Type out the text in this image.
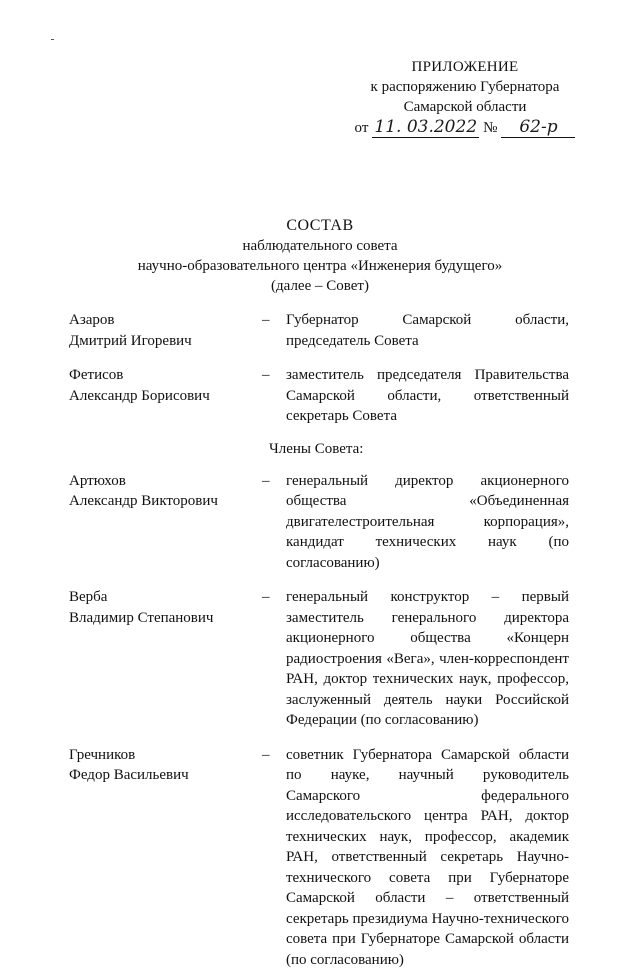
ПРИЛОЖЕНИЕ
к распоряжению Губернатора
Самарской области
от 11. 03.2022 №	62-р
СОСТАВ
наблюдательного совета
научно-образовательного центра «Инженерия будущего»
(далее – Совет)
Азаров
Дмитрий Игоревич
–	Губернатор Самарской области, председатель Совета
Фетисов
Александр Борисович
–	заместитель председателя Правительства Самарской области, ответственный секретарь Совета
Члены Совета:
Артюхов
Александр Викторович
–	генеральный директор акционерного общества «Объединенная двигателестроительная корпорация», кандидат технических наук (по согласованию)
Верба
Владимир Степанович
–	генеральный конструктор – первый заместитель генерального директора акционерного общества «Концерн радиостроения «Вега», член-корреспондент РАН, доктор технических наук, профессор, заслуженный деятель науки Российской Федерации (по согласованию)
Гречников
Федор Васильевич
–	советник Губернатора Самарской области по науке, научный руководитель Самарского федерального исследовательского центра РАН, доктор технических наук, профессор, академик РАН, ответственный секретарь Научно-технического совета при Губернаторе Самарской области – ответственный секретарь президиума Научно-технического совета при Губернаторе Самарской области (по согласованию)
